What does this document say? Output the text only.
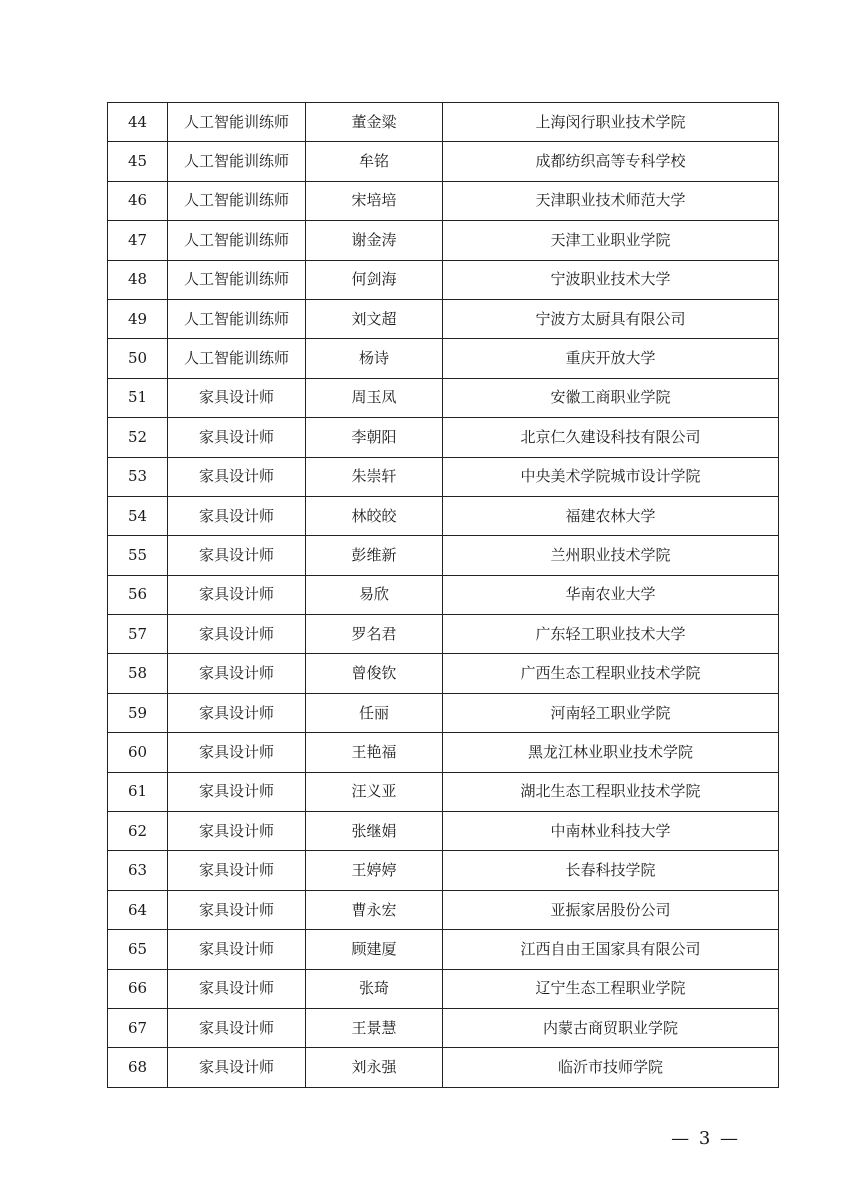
44	人工智能训练师	董金粱	上海闵行职业技术学院
45	人工智能训练师	牟铭	成都纺织高等专科学校
46	人工智能训练师	宋培培	天津职业技术师范大学
47	人工智能训练师	谢金涛	天津工业职业学院
48	人工智能训练师	何剑海	宁波职业技术大学
49	人工智能训练师	刘文超	宁波方太厨具有限公司
50	人工智能训练师	杨诗	重庆开放大学
51	家具设计师	周玉凤	安徽工商职业学院
52	家具设计师	李朝阳	北京仁久建设科技有限公司
53	家具设计师	朱崇轩	中央美术学院城市设计学院
54	家具设计师	林皎皎	福建农林大学
55	家具设计师	彭维新	兰州职业技术学院
56	家具设计师	易欣	华南农业大学
57	家具设计师	罗名君	广东轻工职业技术大学
58	家具设计师	曾俊钦	广西生态工程职业技术学院
59	家具设计师	任丽	河南轻工职业学院
60	家具设计师	王艳福	黑龙江林业职业技术学院
61	家具设计师	汪义亚	湖北生态工程职业技术学院
62	家具设计师	张继娟	中南林业科技大学
63	家具设计师	王婷婷	长春科技学院
64	家具设计师	曹永宏	亚振家居股份公司
65	家具设计师	顾建厦	江西自由王国家具有限公司
66	家具设计师	张琦	辽宁生态工程职业学院
67	家具设计师	王景慧	内蒙古商贸职业学院
68	家具设计师	刘永强	临沂市技师学院
— 3 —
